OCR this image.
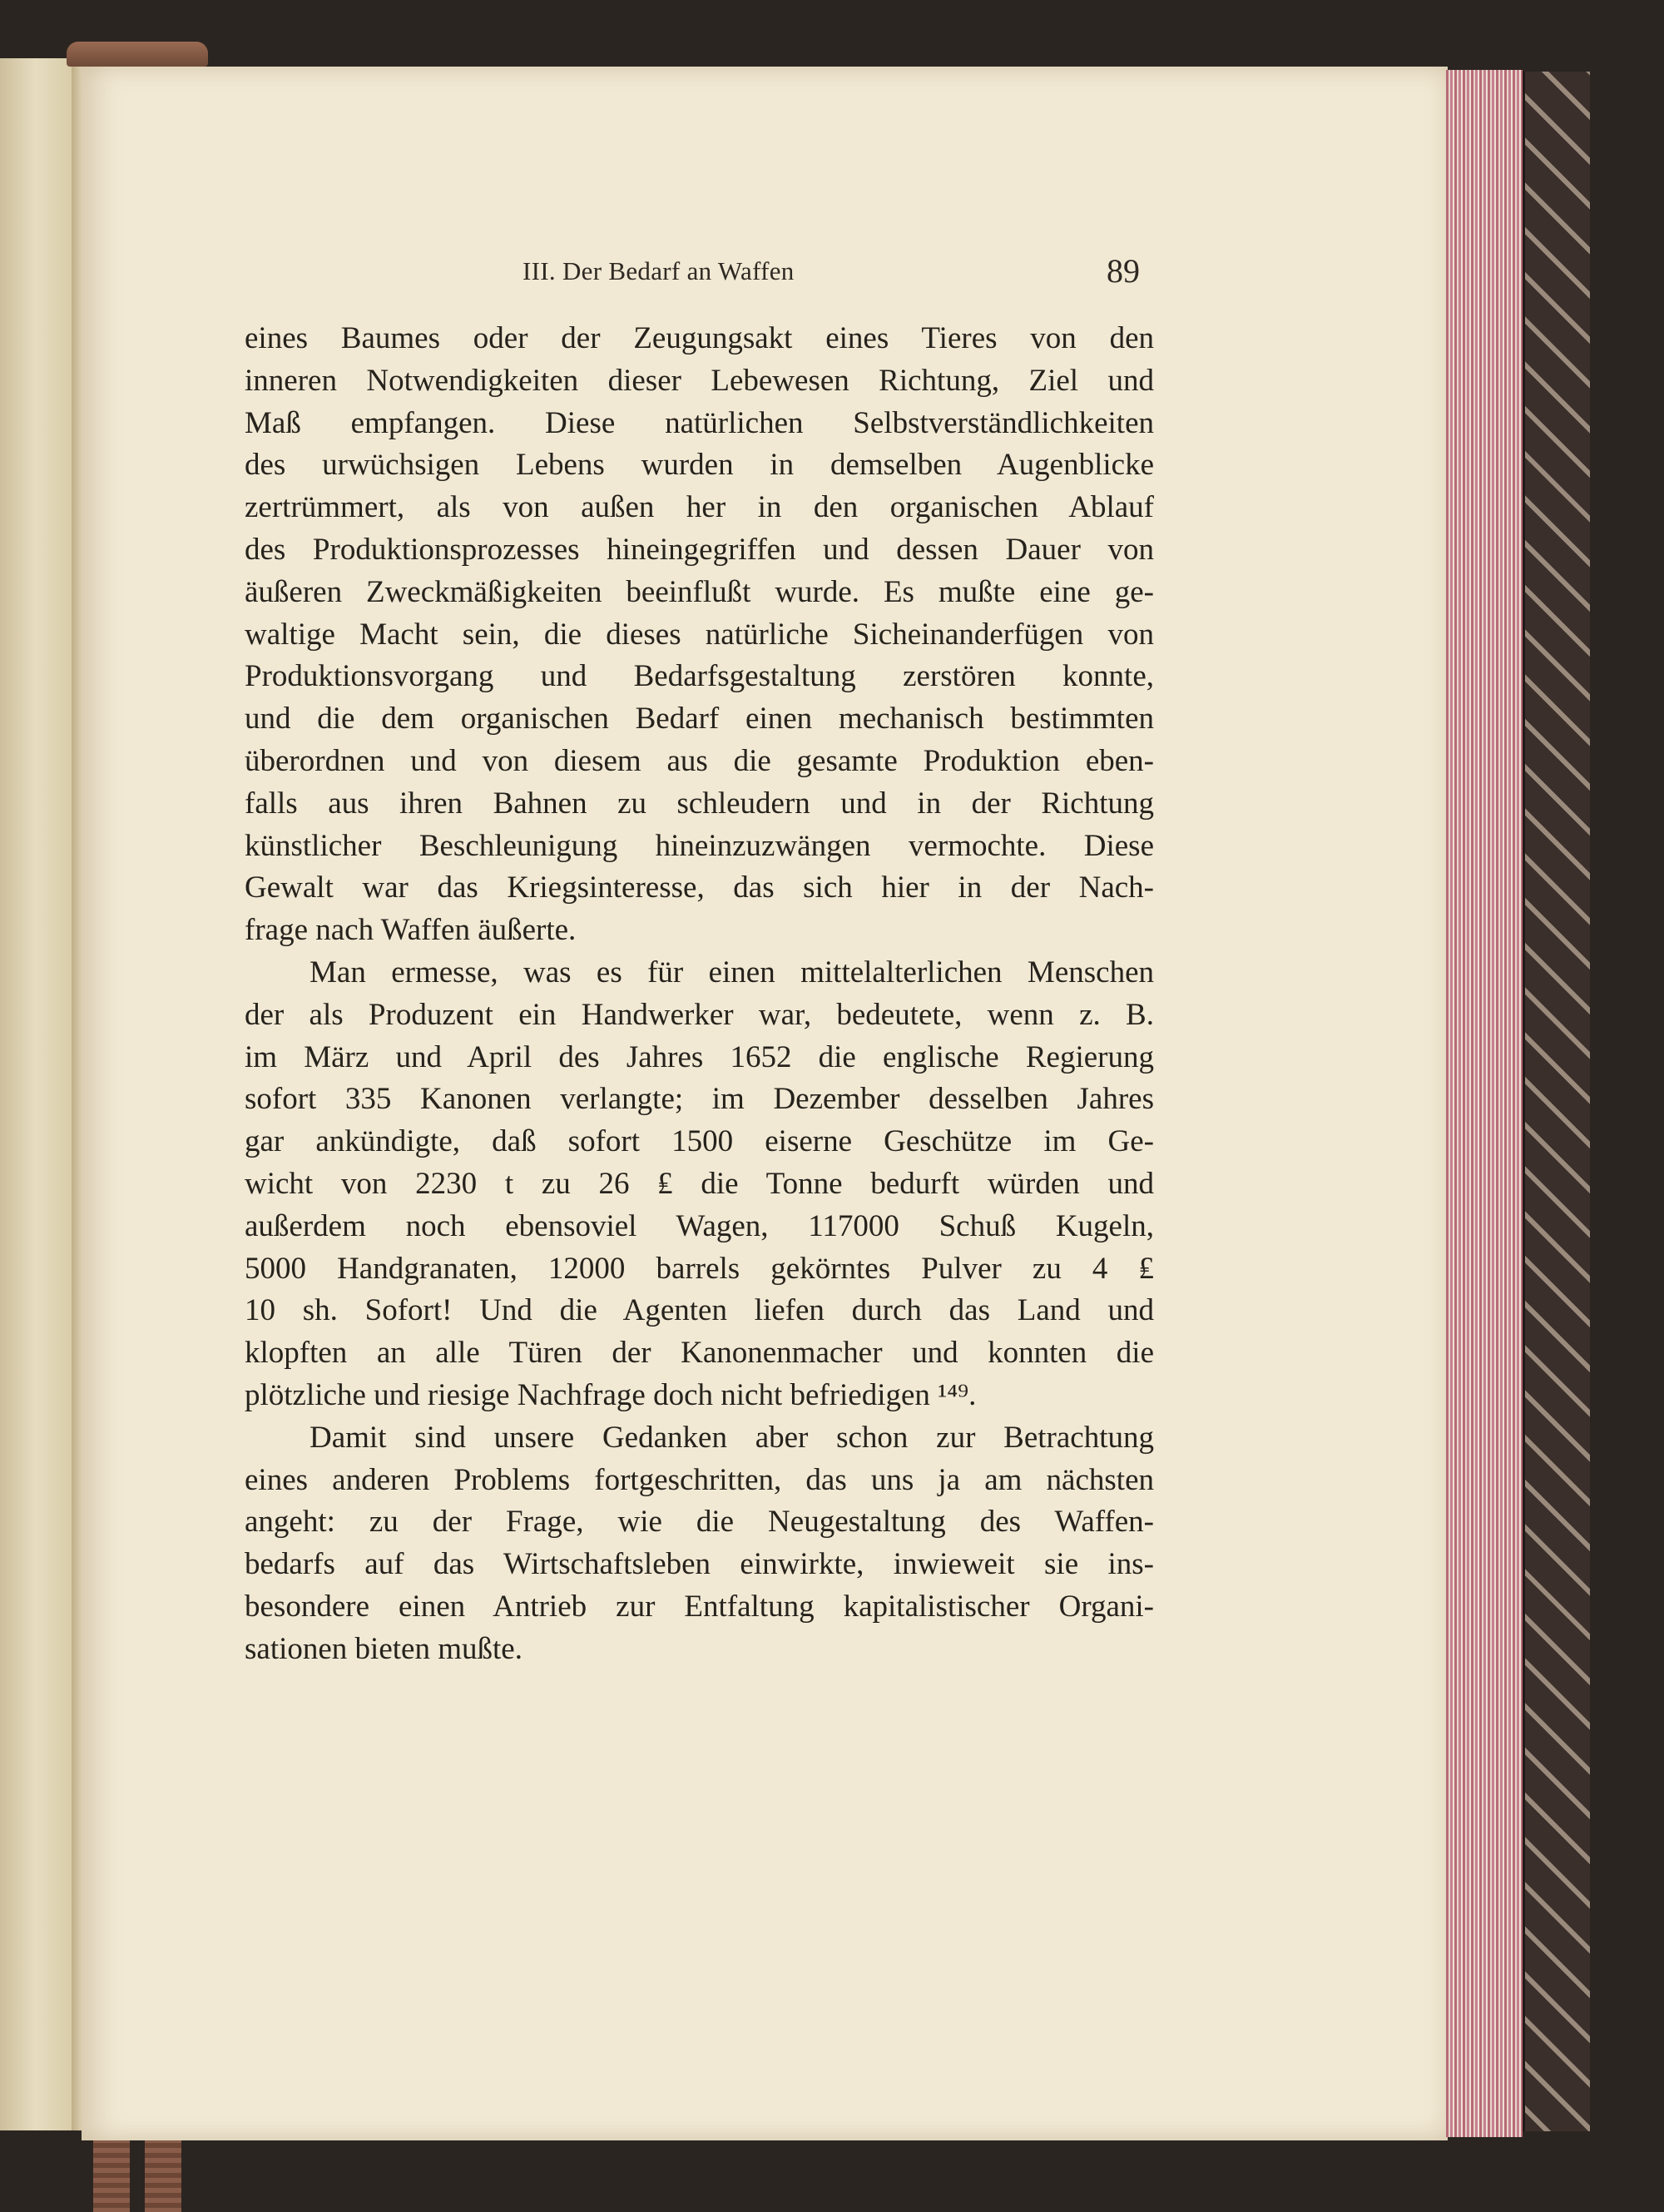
III. Der Bedarf an Waffen	89
eines Baumes oder der Zeugungsakt eines Tieres von den
inneren Notwendigkeiten dieser Lebewesen Richtung, Ziel und
Maß empfangen. Diese natürlichen Selbstverständlichkeiten
des urwüchsigen Lebens wurden in demselben Augenblicke
zertrümmert, als von außen her in den organischen Ablauf
des Produktionsprozesses hineingegriffen und dessen Dauer von
äußeren Zweckmäßigkeiten beeinflußt wurde. Es mußte eine ge-
waltige Macht sein, die dieses natürliche Sicheinanderfügen von
Produktionsvorgang und Bedarfsgestaltung zerstören konnte,
und die dem organischen Bedarf einen mechanisch bestimmten
überordnen und von diesem aus die gesamte Produktion eben-
falls aus ihren Bahnen zu schleudern und in der Richtung
künstlicher Beschleunigung hineinzuzwängen vermochte. Diese
Gewalt war das Kriegsinteresse, das sich hier in der Nach-
frage nach Waffen äußerte.
Man ermesse, was es für einen mittelalterlichen Menschen
der als Produzent ein Handwerker war, bedeutete, wenn z. B.
im März und April des Jahres 1652 die englische Regierung
sofort 335 Kanonen verlangte; im Dezember desselben Jahres
gar ankündigte, daß sofort 1500 eiserne Geschütze im Ge-
wicht von 2230 t zu 26 ₤ die Tonne bedurft würden und
außerdem noch ebensoviel Wagen, 117000 Schuß Kugeln,
5000 Handgranaten, 12000 barrels gekörntes Pulver zu 4 ₤
10 sh. Sofort! Und die Agenten liefen durch das Land und
klopften an alle Türen der Kanonenmacher und konnten die
plötzliche und riesige Nachfrage doch nicht befriedigen ¹⁴⁹.
Damit sind unsere Gedanken aber schon zur Betrachtung
eines anderen Problems fortgeschritten, das uns ja am nächsten
angeht: zu der Frage, wie die Neugestaltung des Waffen-
bedarfs auf das Wirtschaftsleben einwirkte, inwieweit sie ins-
besondere einen Antrieb zur Entfaltung kapitalistischer Organi-
sationen bieten mußte.
